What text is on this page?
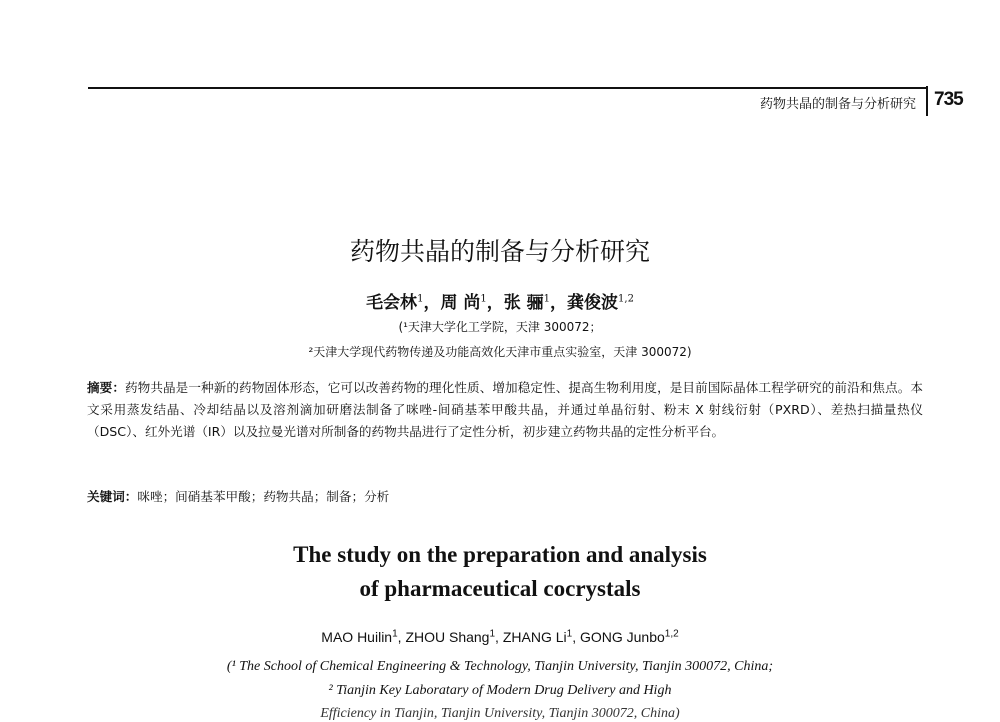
药物共晶的制备与分析研究 735
药物共晶的制备与分析研究
毛会林$^1$ ， 周 尚$^1$ ， 张 骊$^1$ ， 龚俊波$^{1,2}$
(¹天津大学化工学院，天津 300072；
²天津大学现代药物传递及功能高效化天津市重点实验室，天津 300072)
摘要：药物共晶是一种新的药物固体形态，它可以改善药物的理化性质、增加稳定性、提高生物利用度，是目前国际晶体工程学研究的前沿和焦点。本文采用蒸发结晶、冷却结晶以及溶剂滴加研磨法制备了咪唑-间硝基苯甲酸共晶，并通过单晶衍射、粉末 X 射线衍射（PXRD）、差热扫描量热仪（DSC）、红外光谱（IR）以及拉曼光谱对所制备的药物共晶进行了定性分析，初步建立药物共晶的定性分析平台。
关键词：咪唑；间硝基苯甲酸；药物共晶；制备；分析
The study on the preparation and analysis
of pharmaceutical cocrystals
MAO Huilin$^1$ , ZHOU Shang$^1$ , ZHANG Li$^1$ , GONG Junbo$^{1,2}$
(¹ The School of Chemical Engineering & Technology, Tianjin University, Tianjin 300072, China;
² Tianjin Key Laboratary of Modern Drug Delivery and High
Efficiency in Tianjin, Tianjin University, Tianjin 300072, China)
